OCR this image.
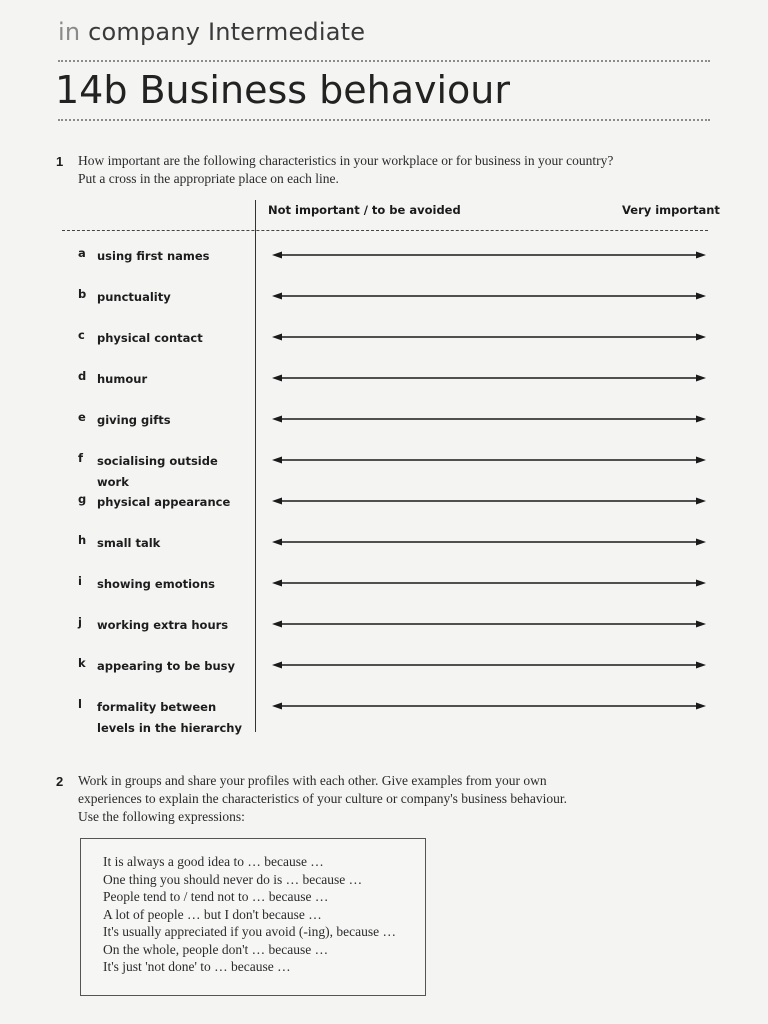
in company Intermediate
14b Business behaviour
1 How important are the following characteristics in your workplace or for business in your country?
Put a cross in the appropriate place on each line.
Not important / to be avoided	Very important
a using first names
b punctuality
c physical contact
d humour
e giving gifts
f socialising outside work
g physical appearance
h small talk
i showing emotions
j working extra hours
k appearing to be busy
l formality between levels in the hierarchy
2 Work in groups and share your profiles with each other. Give examples from your own
experiences to explain the characteristics of your culture or company's business behaviour.
Use the following expressions:
It is always a good idea to … because …
One thing you should never do is … because …
People tend to / tend not to … because …
A lot of people … but I don't because …
It's usually appreciated if you avoid (-ing), because …
On the whole, people don't … because …
It's just 'not done' to … because …
